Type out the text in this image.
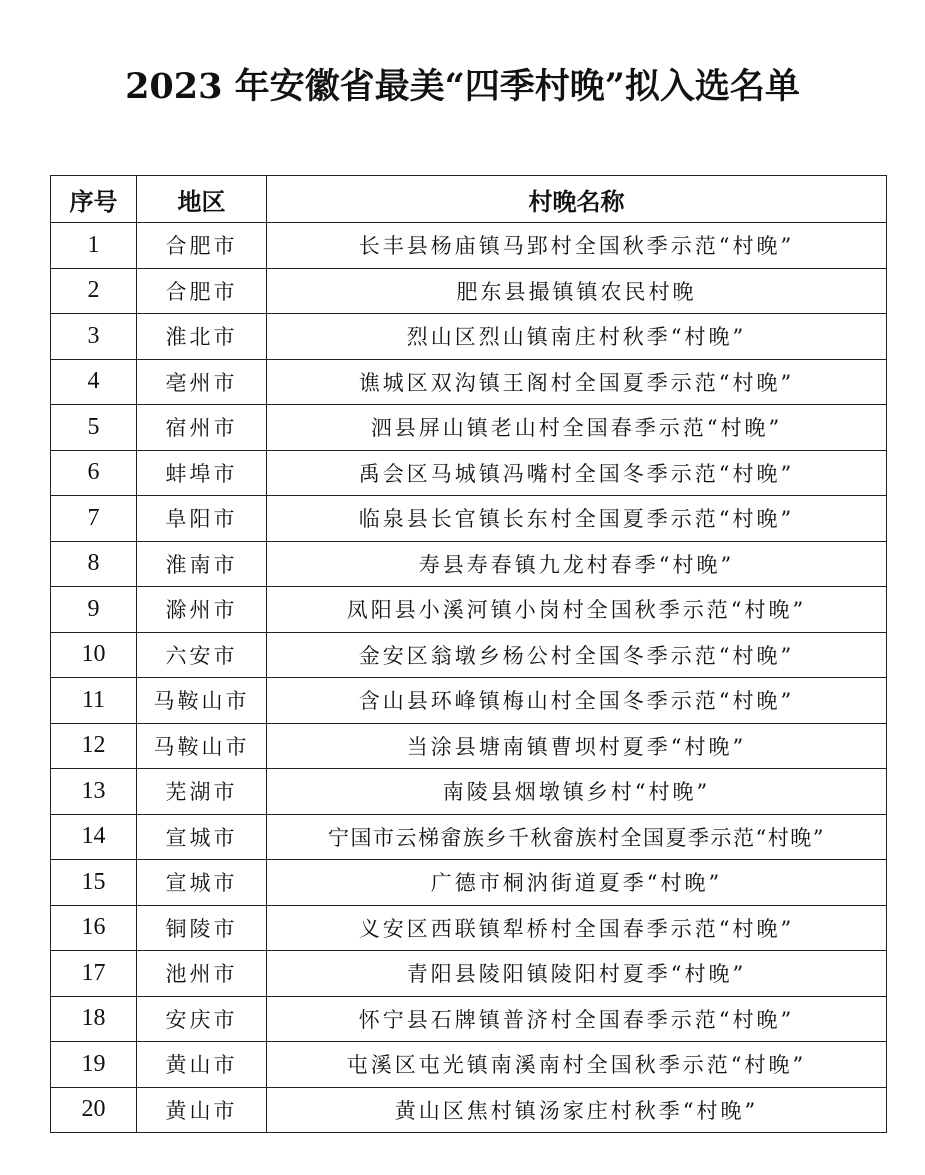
2023 年安徽省最美“四季村晚”拟入选名单
序号	地区	村晚名称
1	合肥市	长丰县杨庙镇马郢村全国秋季示范“村晚”
2	合肥市	肥东县撮镇镇农民村晚
3	淮北市	烈山区烈山镇南庄村秋季“村晚”
4	亳州市	谯城区双沟镇王阁村全国夏季示范“村晚”
5	宿州市	泗县屏山镇老山村全国春季示范“村晚”
6	蚌埠市	禹会区马城镇冯嘴村全国冬季示范“村晚”
7	阜阳市	临泉县长官镇长东村全国夏季示范“村晚”
8	淮南市	寿县寿春镇九龙村春季“村晚”
9	滁州市	凤阳县小溪河镇小岗村全国秋季示范“村晚”
10	六安市	金安区翁墩乡杨公村全国冬季示范“村晚”
11	马鞍山市	含山县环峰镇梅山村全国冬季示范“村晚”
12	马鞍山市	当涂县塘南镇曹坝村夏季“村晚”
13	芜湖市	南陵县烟墩镇乡村“村晚”
14	宣城市	宁国市云梯畲族乡千秋畲族村全国夏季示范“村晚”
15	宣城市	广德市桐汭街道夏季“村晚”
16	铜陵市	义安区西联镇犁桥村全国春季示范“村晚”
17	池州市	青阳县陵阳镇陵阳村夏季“村晚”
18	安庆市	怀宁县石牌镇普济村全国春季示范“村晚”
19	黄山市	屯溪区屯光镇南溪南村全国秋季示范“村晚”
20	黄山市	黄山区焦村镇汤家庄村秋季“村晚”
